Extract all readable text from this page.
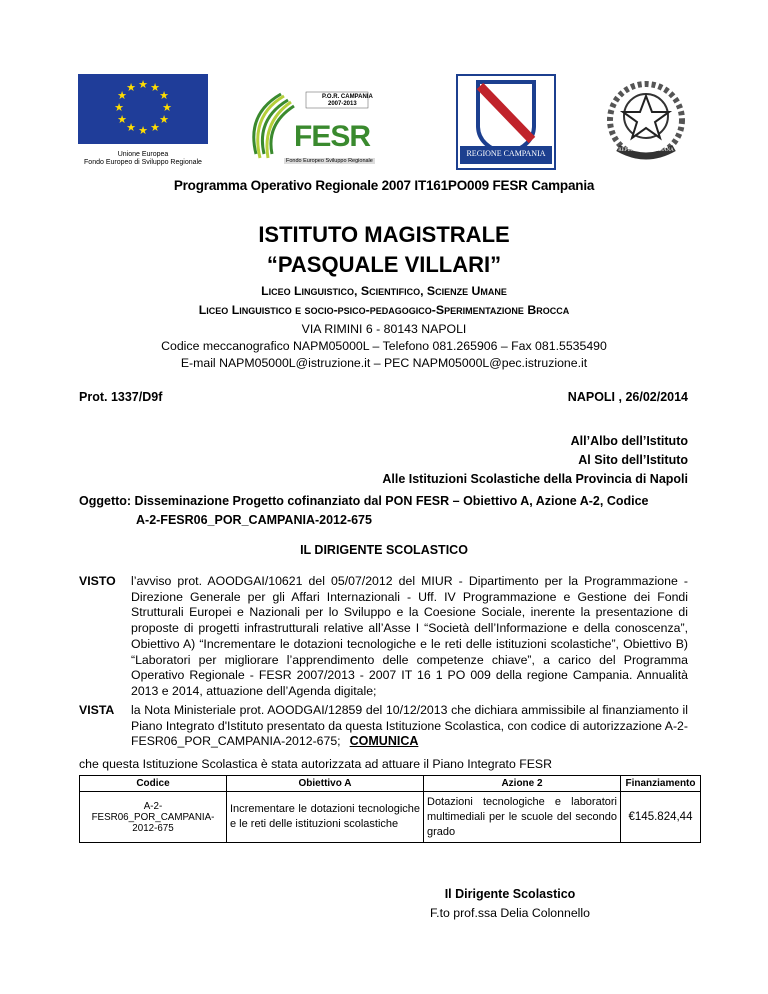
★ ★
★
★
★
★
★
★
★
★
★
★
Unione Europea
Fondo Europeo di Sviluppo Regionale
P.O.R. CAMPANIA
2007-2013
FESR
Fondo Europeo Sviluppo Regionale
REGIONE CAMPANIA	REPUBBLICA ITALIANA
Programma Operativo Regionale 2007 IT161PO009 FESR Campania
ISTITUTO MAGISTRALE
“PASQUALE VILLARI”
Liceo Linguistico, Scientifico, Scienze Umane
Liceo Linguistico e socio-psico-pedagogico-Sperimentazione Brocca
VIA RIMINI 6 - 80143 NAPOLI
Codice meccanografico NAPM05000L – Telefono 081.265906 – Fax 081.5535490
E-mail NAPM05000L@istruzione.it – PEC NAPM05000L@pec.istruzione.it
Prot. 1337/D9f	NAPOLI , 26/02/2014
All’Albo dell’Istituto
Al Sito dell’Istituto
Alle Istituzioni Scolastiche della Provincia di Napoli
Oggetto: Disseminazione Progetto cofinanziato dal PON FESR – Obiettivo A, Azione A-2, Codice
A-2-FESR06_POR_CAMPANIA-2012-675
IL DIRIGENTE SCOLASTICO
VISTO l’avviso prot. AOODGAI/10621 del 05/07/2012 del MIUR - Dipartimento per la Programmazione - Direzione Generale per gli Affari Internazionali - Uff. IV Programmazione e Gestione dei Fondi Strutturali Europei e Nazionali per lo Sviluppo e la Coesione Sociale, inerente la presentazione di proposte di progetti infrastrutturali relative all’Asse I “Società dell’Informazione e della conoscenza”, Obiettivo A) “Incrementare le dotazioni tecnologiche e le reti delle istituzioni scolastiche”, Obiettivo B) “Laboratori per migliorare l’apprendimento delle competenze chiave”, a carico del Programma Operativo Regionale - FESR 2007/2013 - 2007 IT 16 1 PO 009 della regione Campania. Annualità 2013 e 2014, attuazione dell’Agenda digitale;
VISTA la Nota Ministeriale prot. AOODGAI/12859 del 10/12/2013 che dichiara ammissibile al finanziamento il Piano Integrato d'Istituto presentato da questa Istituzione Scolastica, con codice di autorizzazione A-2-FESR06_POR_CAMPANIA-2012-675; COMUNICA
che questa Istituzione Scolastica è stata autorizzata ad attuare il Piano Integrato FESR
Codice	Obiettivo A	Azione 2	Finanziamento
A-2-FESR06_POR_CAMPANIA-2012-675	Incrementare le dotazioni tecnologiche e le reti delle istituzioni scolastiche	Dotazioni tecnologiche e laboratori multimediali per le scuole del secondo grado	€145.824,44
Il Dirigente Scolastico
F.to prof.ssa Delia Colonnello
